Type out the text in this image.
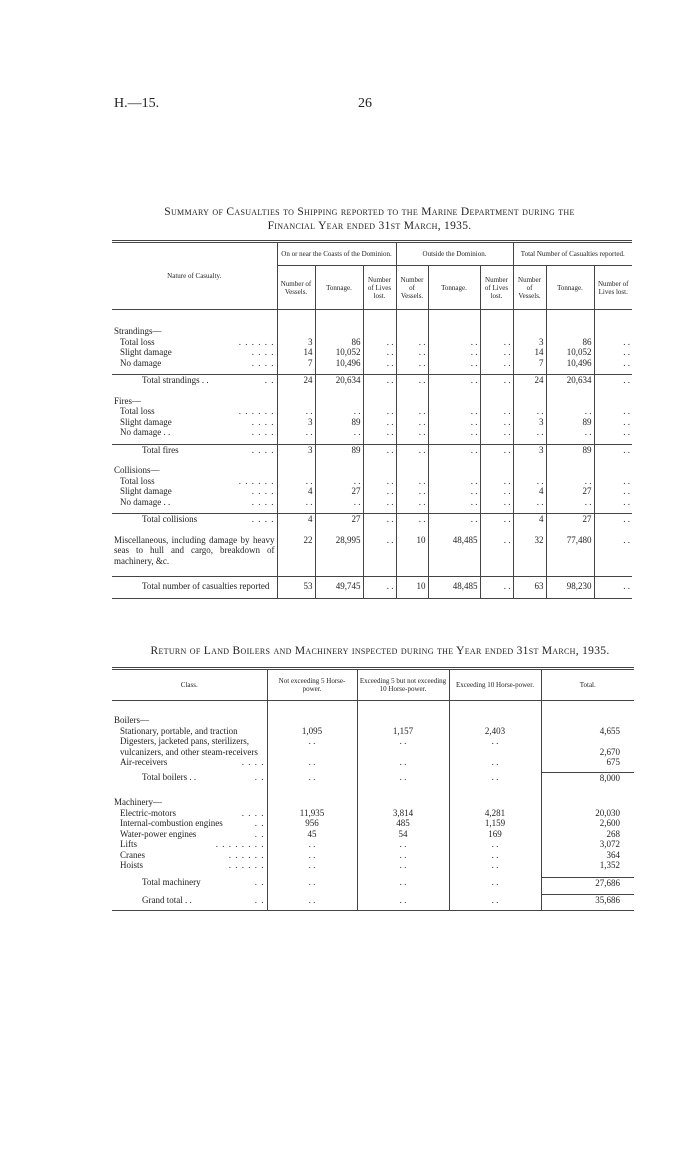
H.—15.	26
Summary of Casualties to Shipping reported to the Marine Department during the
Financial Year ended 31st March, 1935.
Nature of Casualty.	On or near the Coasts of the Dominion.			Outside the Dominion.			Total Number of Casualties reported.		
	Number of Vessels.	Tonnage.	Number of Lives lost.	Number of Vessels.	Tonnage.	Number of Lives lost.	Number of Vessels.	Tonnage.	Number of Lives lost.

Strandings—									
Total loss . . . . . .	3	86	. .	. .	. .	. .	3	86	. .
Slight damage . . . .	14	10,052	. .	. .	. .	. .	14	10,052	. .
No damage . . . .	7	10,496	. .	. .	. .	. .	7	10,496	. .

Total strandings . . . .	24	20,634	. .	. .	. .	. .	24	20,634	. .

Fires—									
Total loss . . . . . .	. .	. .	. .	. .	. .	. .	. .	. .	. .
Slight damage . . . .	3	89	. .	. .	. .	. .	3	89	. .
No damage . . . . . .	. .	. .	. .	. .	. .	. .	. .	. .	. .

Total fires . . . .	3	89	. .	. .	. .	. .	3	89	. .

Collisions—									
Total loss . . . . . .	. .	. .	. .	. .	. .	. .	. .	. .	. .
Slight damage . . . .	4	27	. .	. .	. .	. .	4	27	. .
No damage . . . . . .	. .	. .	. .	. .	. .	. .	. .	. .	. .

Total collisions . . . .	4	27	. .	. .	. .	. .	4	27	. .

Miscellaneous, including damage by heavy seas to hull and cargo, breakdown of machinery, &c.	22	28,995	. .	10	48,485	. .	32	77,480	. .

Total number of casualties reported	53	49,745	. .	10	48,485	. .	63	98,230	. .
Return of Land Boilers and Machinery inspected during the Year ended 31st March, 1935.
Class.	Not exceeding 5 Horse-power.	Exceeding 5 but not exceeding 10 Horse-power.	Exceeding 10 Horse-power.	Total.

Boilers—				
Stationary, portable, and traction	1,095	1,157	2,403	4,655
Digesters, jacketed pans, sterilizers, vulcanizers, and other steam-receivers	. .	. .	. .	2,670
Air-receivers . . . .	. .	. .	. .	675

Total boilers . . . .	. .	. .	. .	8,000

Machinery—				
Electric-motors . . . .	11,935	3,814	4,281	20,030
Internal-combustion engines . .	956	485	1,159	2,600
Water-power engines . .	45	54	169	268
Lifts . . . . . . . .	. .	. .	. .	3,072
Cranes . . . . . .	. .	. .	. .	364
Hoists . . . . . .	. .	. .	. .	1,352

Total machinery . .	. .	. .	. .	27,686

Grand total . . . .	. .	. .	. .	35,686
